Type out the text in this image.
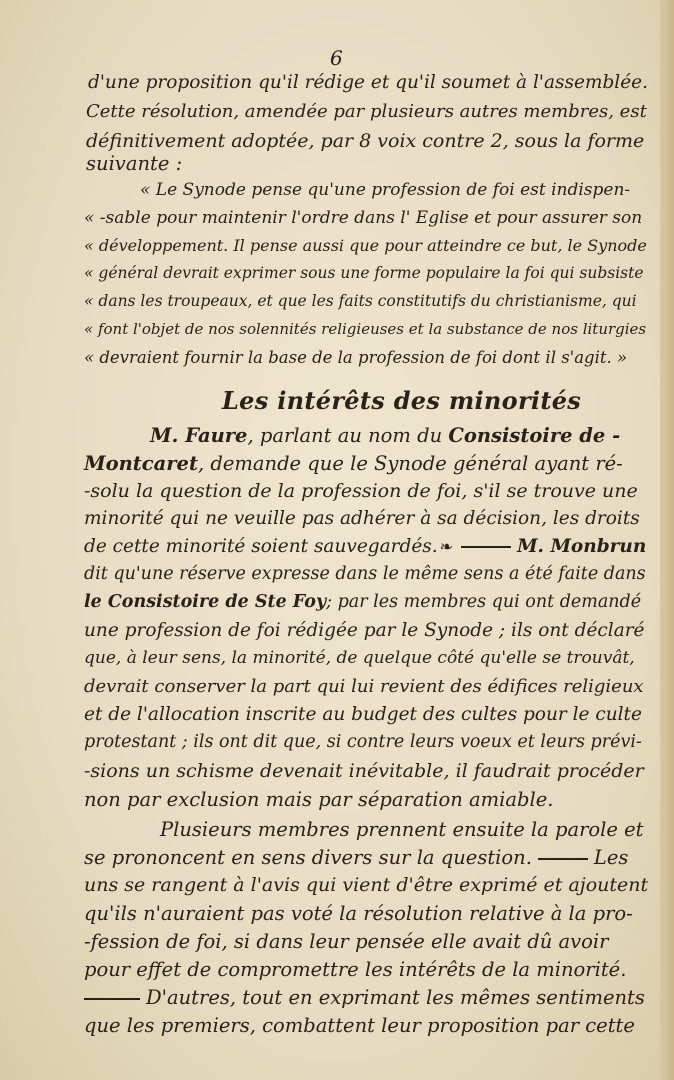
6
d'une proposition qu'il rédige et qu'il soumet à l'assemblée.
Cette résolution, amendée par plusieurs autres membres, est
définitivement adoptée, par 8 voix contre 2, sous la forme
suivante :
« Le Synode pense qu'une profession de foi est indispen-
« -sable pour maintenir l'ordre dans l' Eglise et pour assurer son
« développement. Il pense aussi que pour atteindre ce but, le Synode
« général devrait exprimer sous une forme populaire la foi qui subsiste
« dans les troupeaux, et que les faits constitutifs du christianisme, qui
« font l'objet de nos solennités religieuses et la substance de nos liturgies
« devraient fournir la base de la profession de foi dont il s'agit. »
Les intérêts des minorités
M. Faure, parlant au nom du Consistoire de -
Montcaret, demande que le Synode général ayant ré-
-solu la question de la profession de foi, s'il se trouve une
minorité qui ne veuille pas adhérer à sa décision, les droits
de cette minorité soient sauvegardés. ❧	M. Monbrun
dit qu'une réserve expresse dans le même sens a été faite dans
le Consistoire de Ste Foy; par les membres qui ont demandé
une profession de foi rédigée par le Synode ; ils ont déclaré
que, à leur sens, la minorité, de quelque côté qu'elle se trouvât,
devrait conserver la part qui lui revient des édifices religieux
et de l'allocation inscrite au budget des cultes pour le culte
protestant ; ils ont dit que, si contre leurs voeux et leurs prévi-
-sions un schisme devenait inévitable, il faudrait procéder
non par exclusion mais par séparation amiable.
Plusieurs membres prennent ensuite la parole et
se prononcent en sens divers sur la question.	Les
uns se rangent à l'avis qui vient d'être exprimé et ajoutent
qu'ils n'auraient pas voté la résolution relative à la pro-
-fession de foi, si dans leur pensée elle avait dû avoir
pour effet de compromettre les intérêts de la minorité.
D'autres, tout en exprimant les mêmes sentiments
que les premiers, combattent leur proposition par cette
